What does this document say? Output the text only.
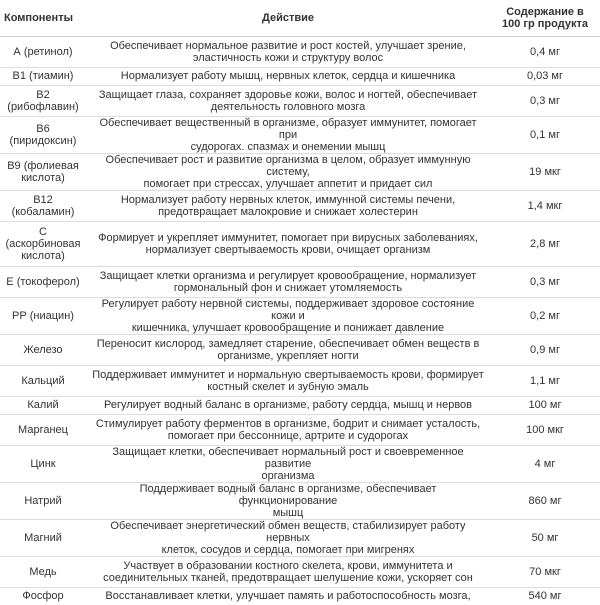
Компоненты	Действие	Содержание в
100 гр продукта

А (ретинол)	Обеспечивает нормальное развитие и рост костей, улучшает зрение,
эластичность кожи и структуру волос	0,4 мг

В1 (тиамин)	Нормализует работу мышц, нервных клеток, сердца и кишечника	0,03 мг

В2
(рибофлавин)	Защищает глаза, сохраняет здоровье кожи, волос и ногтей, обеспечивает
деятельность головного мозга	0,3 мг

В6
(пиридоксин)	Обеспечивает вещественный в организме, образует иммунитет, помогает при
судорогах. спазмах и онемении мышц	0,1 мг

В9 (фолиевая
кислота)	Обеспечивает рост и развитие организма в целом, образует иммунную систему,
помогает при стрессах, улучшает аппетит и придает сил	19 мкг

В12
(кобаламин)	Нормализует работу нервных клеток, иммунной системы печени,
предотвращает малокровие и снижает холестерин	1,4 мкг

С
(аскорбиновая
кислота)	Формирует и укрепляет иммунитет, помогает при вирусных заболеваниях,
нормализует свертываемость крови, очищает организм	2,8 мг

Е (токоферол)	Защищает клетки организма и регулирует кровообращение, нормализует
гормональный фон и снижает утомляемость	0,3 мг

РР (ниацин)	Регулирует работу нервной системы, поддерживает здоровое состояние кожи и
кишечника, улучшает кровообращение и понижает давление	0,2 мг

Железо	Переносит кислород, замедляет старение, обеспечивает обмен веществ в
организме, укрепляет ногти	0,9 мг

Кальций	Поддерживает иммунитет и нормальную свертываемость крови, формирует
костный скелет и зубную эмаль	1,1 мг

Калий	Регулирует водный баланс в организме, работу сердца, мышц и нервов	100 мг

Марганец	Стимулирует работу ферментов в организме, бодрит и снимает усталость,
помогает при бессоннице, артрите и судорогах	100 мкг

Цинк	Защищает клетки, обеспечивает нормальный рост и своевременное развитие
организма	4 мг

Натрий	Поддерживает водный баланс в организме, обеспечивает функционирование
мышц	860 мг

Магний	Обеспечивает энергетический обмен веществ, стабилизирует работу нервных
клеток, сосудов и сердца, помогает при мигренях	50 мг

Медь	Участвует в образовании костного скелета, крови, иммунитета и
соединительных тканей, предотвращает шелушение кожи, ускоряет сон	70 мкг

Фосфор	Восстанавливает клетки, улучшает память и работоспособность мозга,	540 мг
